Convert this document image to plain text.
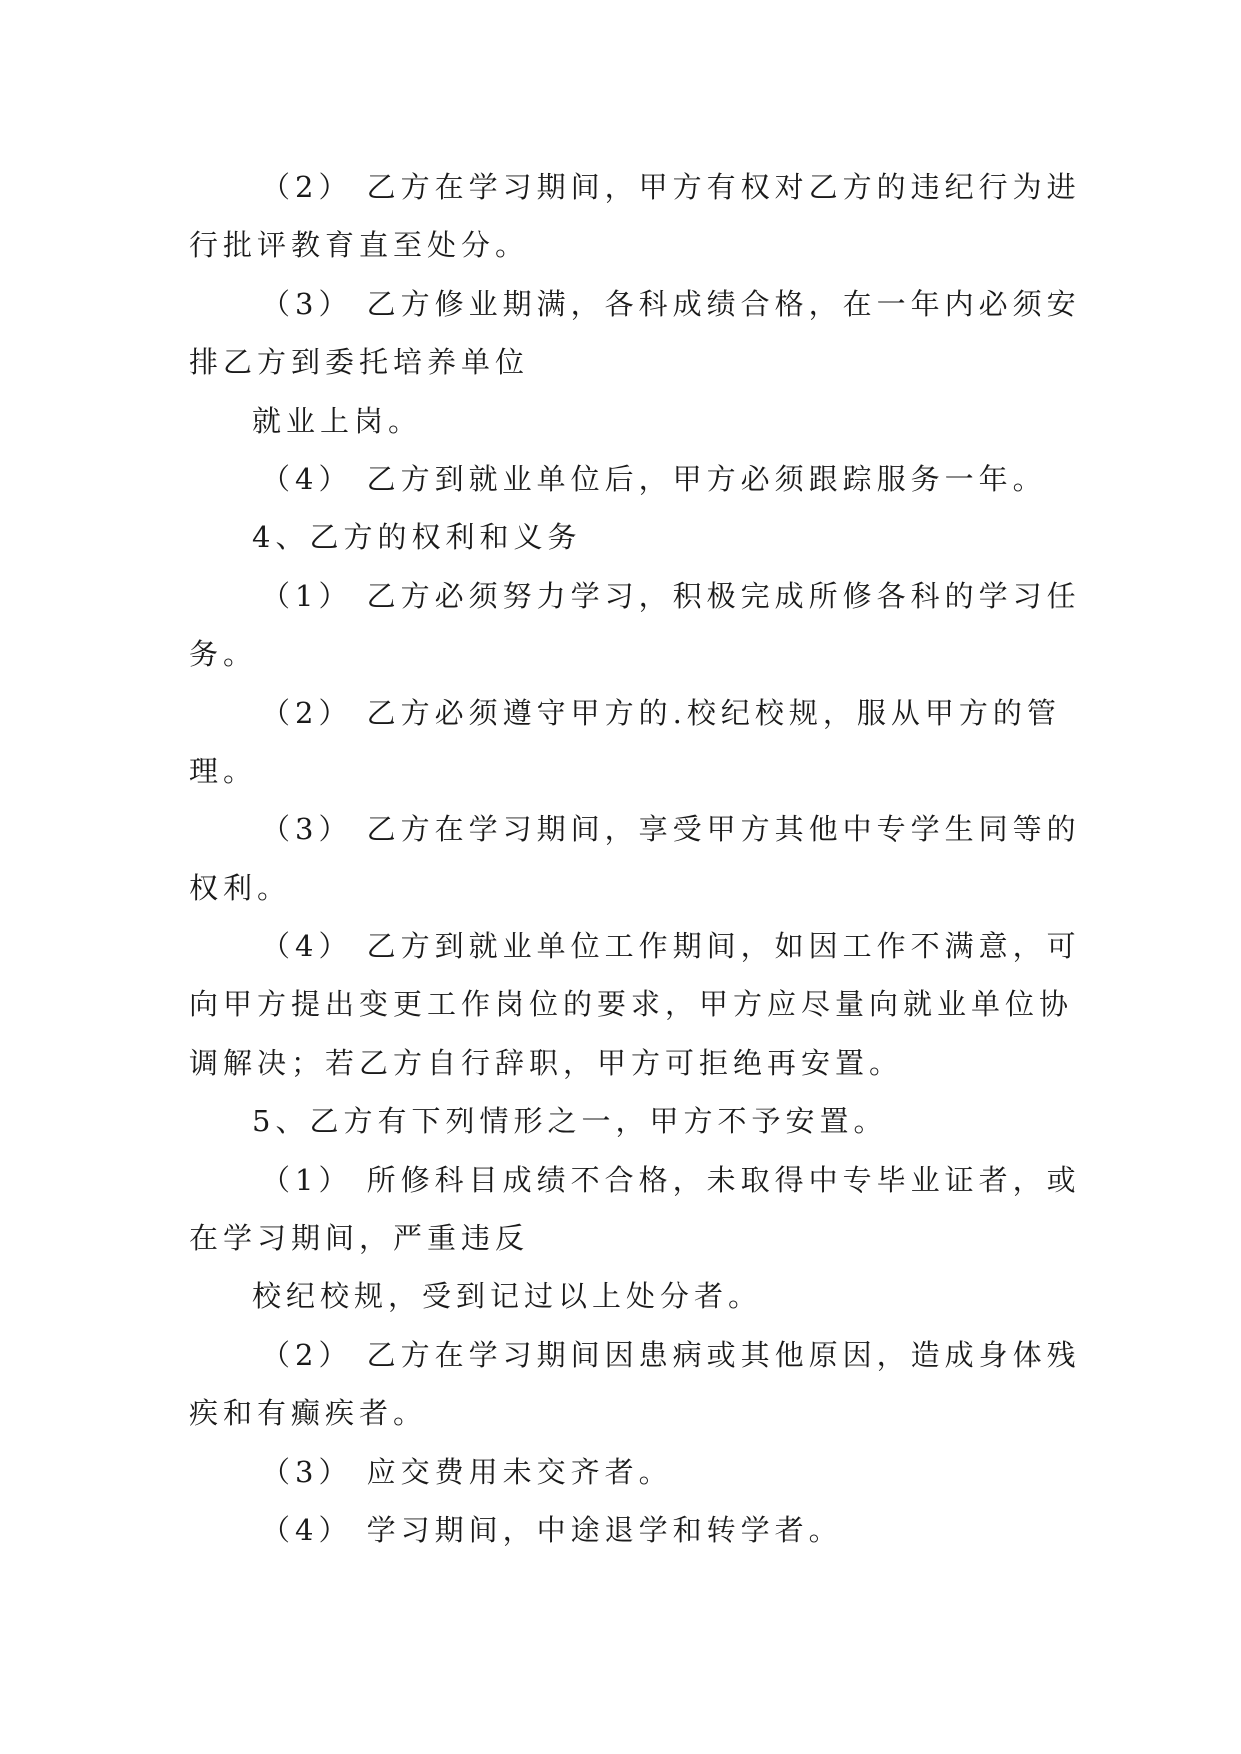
（2） 乙方在学习期间，甲方有权对乙方的违纪行为进

行批评教育直至处分。

（3） 乙方修业期满，各科成绩合格，在一年内必须安

排乙方到委托培养单位

就业上岗。

（4） 乙方到就业单位后，甲方必须跟踪服务一年。

4、乙方的权利和义务

（1） 乙方必须努力学习，积极完成所修各科的学习任

务。

（2） 乙方必须遵守甲方的.校纪校规，服从甲方的管

理。

（3） 乙方在学习期间，享受甲方其他中专学生同等的

权利。

（4） 乙方到就业单位工作期间，如因工作不满意，可

向甲方提出变更工作岗位的要求，甲方应尽量向就业单位协

调解决；若乙方自行辞职，甲方可拒绝再安置。

5、乙方有下列情形之一，甲方不予安置。

（1） 所修科目成绩不合格，未取得中专毕业证者，或

在学习期间，严重违反

校纪校规，受到记过以上处分者。

（2） 乙方在学习期间因患病或其他原因，造成身体残

疾和有癫疾者。

（3） 应交费用未交齐者。

（4） 学习期间，中途退学和转学者。
